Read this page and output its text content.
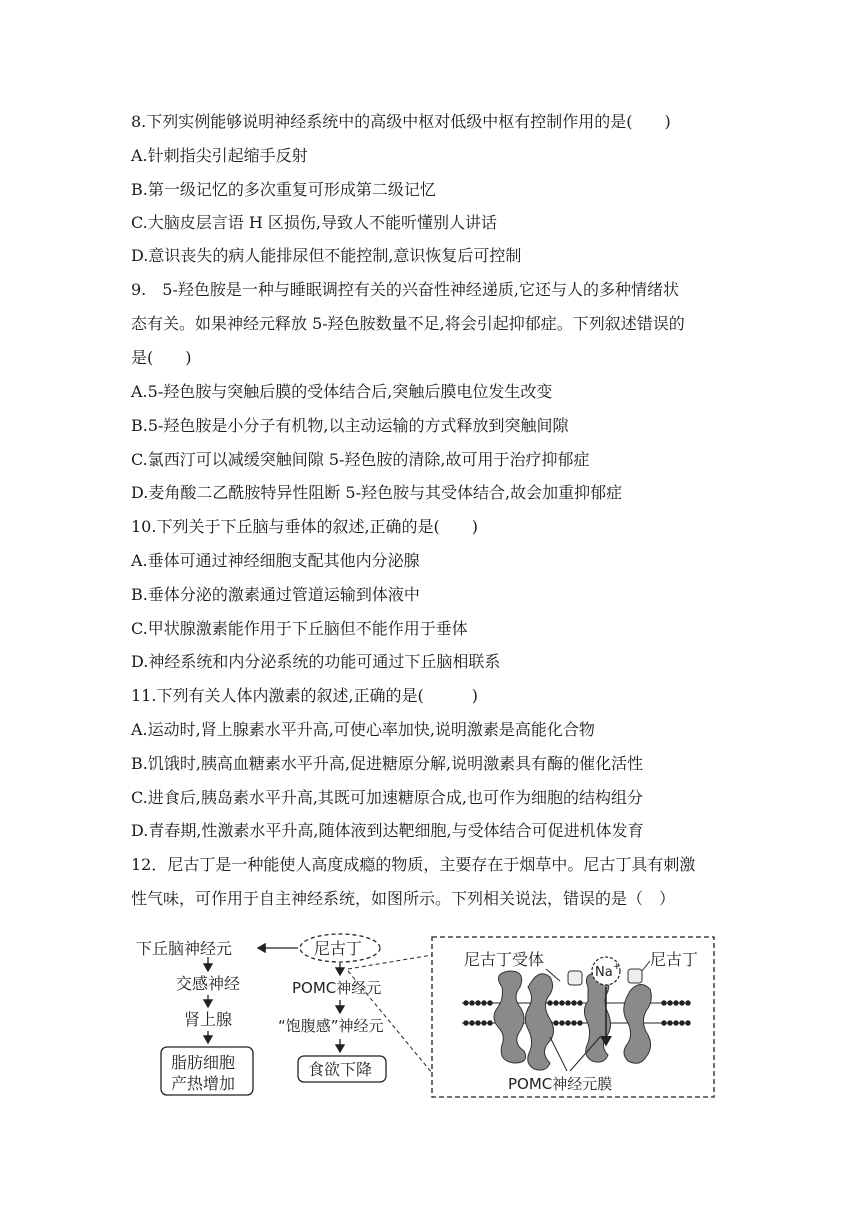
8.下列实例能够说明神经系统中的高级中枢对低级中枢有控制作用的是(　　)
A.针刺指尖引起缩手反射
B.第一级记忆的多次重复可形成第二级记忆
C.大脑皮层言语 H 区损伤,导致人不能听懂别人讲话
D.意识丧失的病人能排尿但不能控制,意识恢复后可控制
9.　5-羟色胺是一种与睡眠调控有关的兴奋性神经递质,它还与人的多种情绪状
态有关。如果神经元释放 5-羟色胺数量不足,将会引起抑郁症。下列叙述错误的
是(　　)
A.5-羟色胺与突触后膜的受体结合后,突触后膜电位发生改变
B.5-羟色胺是小分子有机物,以主动运输的方式释放到突触间隙
C.氯西汀可以减缓突触间隙 5-羟色胺的清除,故可用于治疗抑郁症
D.麦角酸二乙酰胺特异性阻断 5-羟色胺与其受体结合,故会加重抑郁症
10.下列关于下丘脑与垂体的叙述,正确的是(　　)
A.垂体可通过神经细胞支配其他内分泌腺
B.垂体分泌的激素通过管道运输到体液中
C.甲状腺激素能作用于下丘脑但不能作用于垂体
D.神经系统和内分泌系统的功能可通过下丘脑相联系
11.下列有关人体内激素的叙述,正确的是(　　　)
A.运动时,肾上腺素水平升高,可使心率加快,说明激素是高能化合物
B.饥饿时,胰高血糖素水平升高,促进糖原分解,说明激素具有酶的催化活性
C.进食后,胰岛素水平升高,其既可加速糖原合成,也可作为细胞的结构组分
D.青春期,性激素水平升高,随体液到达靶细胞,与受体结合可促进机体发育
12．尼古丁是一种能使人高度成瘾的物质，主要存在于烟草中。尼古丁具有刺激
性气味，可作用于自主神经系统，如图所示。下列相关说法，错误的是（　）
下丘脑神经元
交感神经
肾上腺
脂肪细胞
产热增加
尼古丁
POMC神经元
“饱腹感”神经元
食欲下降
尼古丁受体	尼古丁
Na +
POMC神经元膜
